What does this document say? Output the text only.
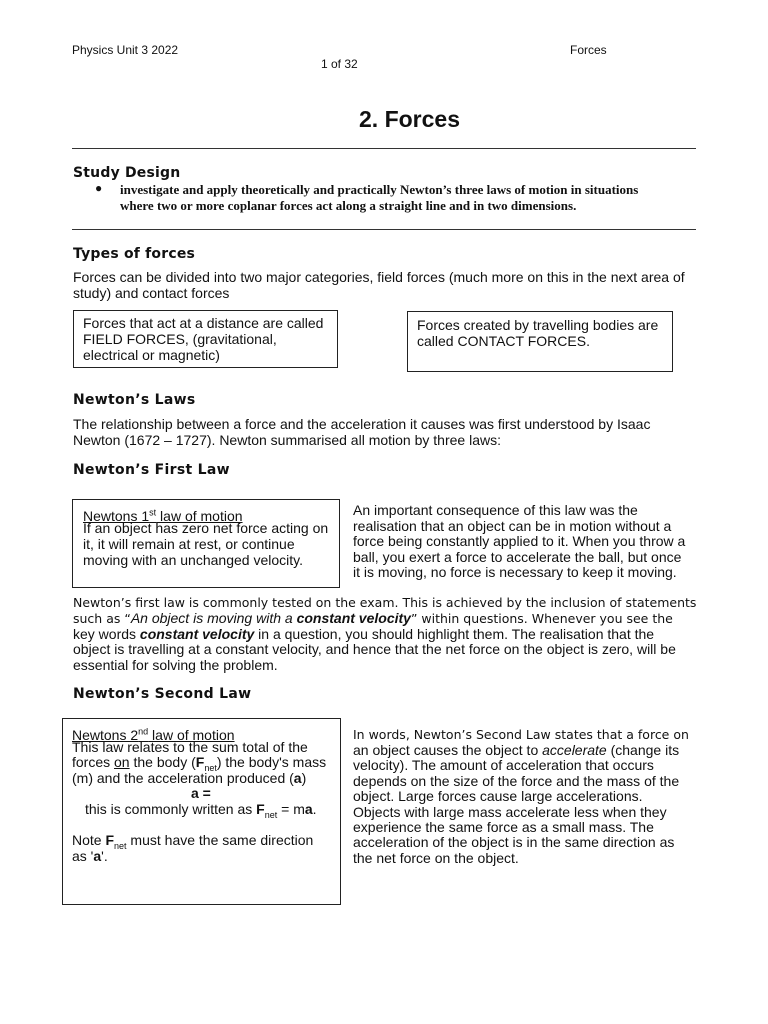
Physics Unit 3 2022	Forces
1 of 32
2. Forces
Study Design
● investigate and apply theoretically and practically Newton’s three laws of motion in situations
where two or more coplanar forces act along a straight line and in two dimensions.
Types of forces
Forces can be divided into two major categories, field forces (much more on this in the next area of
study) and contact forces
Forces that act at a distance are called
FIELD FORCES, (gravitational,
electrical or magnetic)
Forces created by travelling bodies are
called CONTACT FORCES.
Newton’s Laws
The relationship between a force and the acceleration it causes was first understood by Isaac
Newton (1672 – 1727). Newton summarised all motion by three laws:
Newton’s First Law
Newtons 1st law of motion
If an object has zero net force acting on
it, it will remain at rest, or continue
moving with an unchanged velocity.
An important consequence of this law was the
realisation that an object can be in motion without a
force being constantly applied to it. When you throw a
ball, you exert a force to accelerate the ball, but once
it is moving, no force is necessary to keep it moving.
Newton’s first law is commonly tested on the exam. This is achieved by the inclusion of statements
such as “An object is moving with a constant velocity” within questions. Whenever you see the
key words constant velocity in a question, you should highlight them. The realisation that the
object is travelling at a constant velocity, and hence that the net force on the object is zero, will be
essential for solving the problem.
Newton’s Second Law
Newtons 2nd law of motion
This law relates to the sum total of the
forces on the body $(F_{net})$ the body's mass
(m) and the acceleration produced (a)
a =
this is commonly written as $F_{net}$ = ma.
Note $F_{net}$ must have the same direction
as 'a'.
In words, Newton’s Second Law states that a force on
an object causes the object to accelerate (change its
velocity). The amount of acceleration that occurs
depends on the size of the force and the mass of the
object. Large forces cause large accelerations.
Objects with large mass accelerate less when they
experience the same force as a small mass. The
acceleration of the object is in the same direction as
the net force on the object.
